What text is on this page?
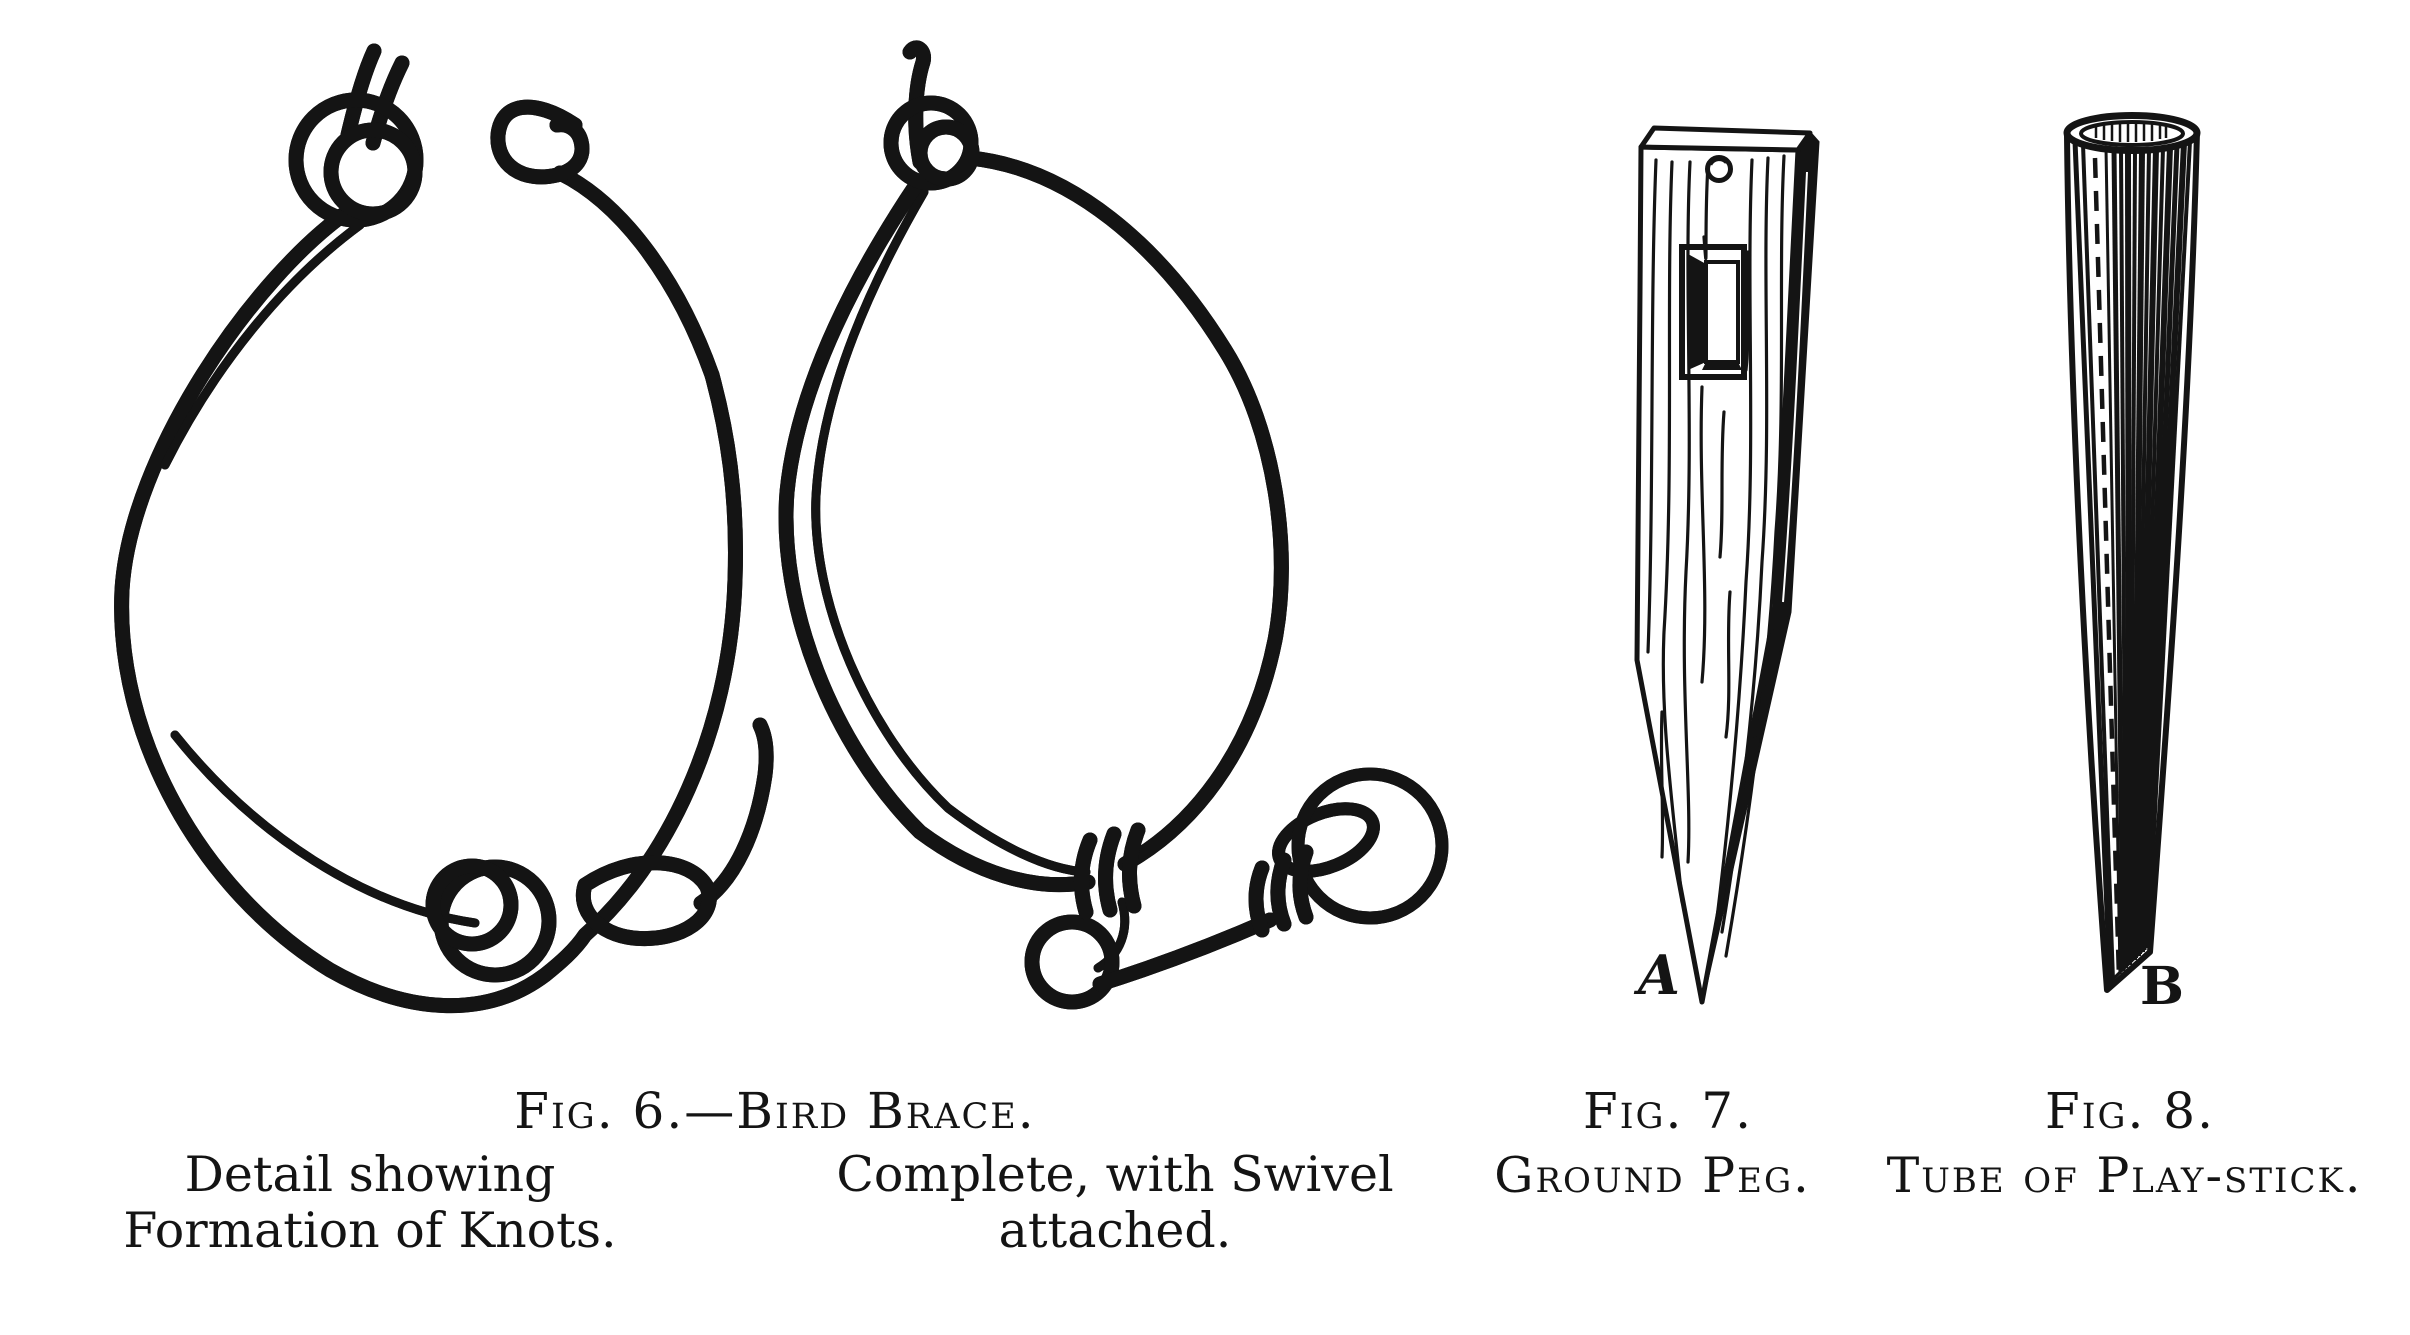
A	B
Fig. 6.—Bird Brace.
Detail showing
Formation of Knots.
Complete, with Swivel
attached.
Fig. 7.
Ground Peg.
Fig. 8.
Tube of Play-stick.
